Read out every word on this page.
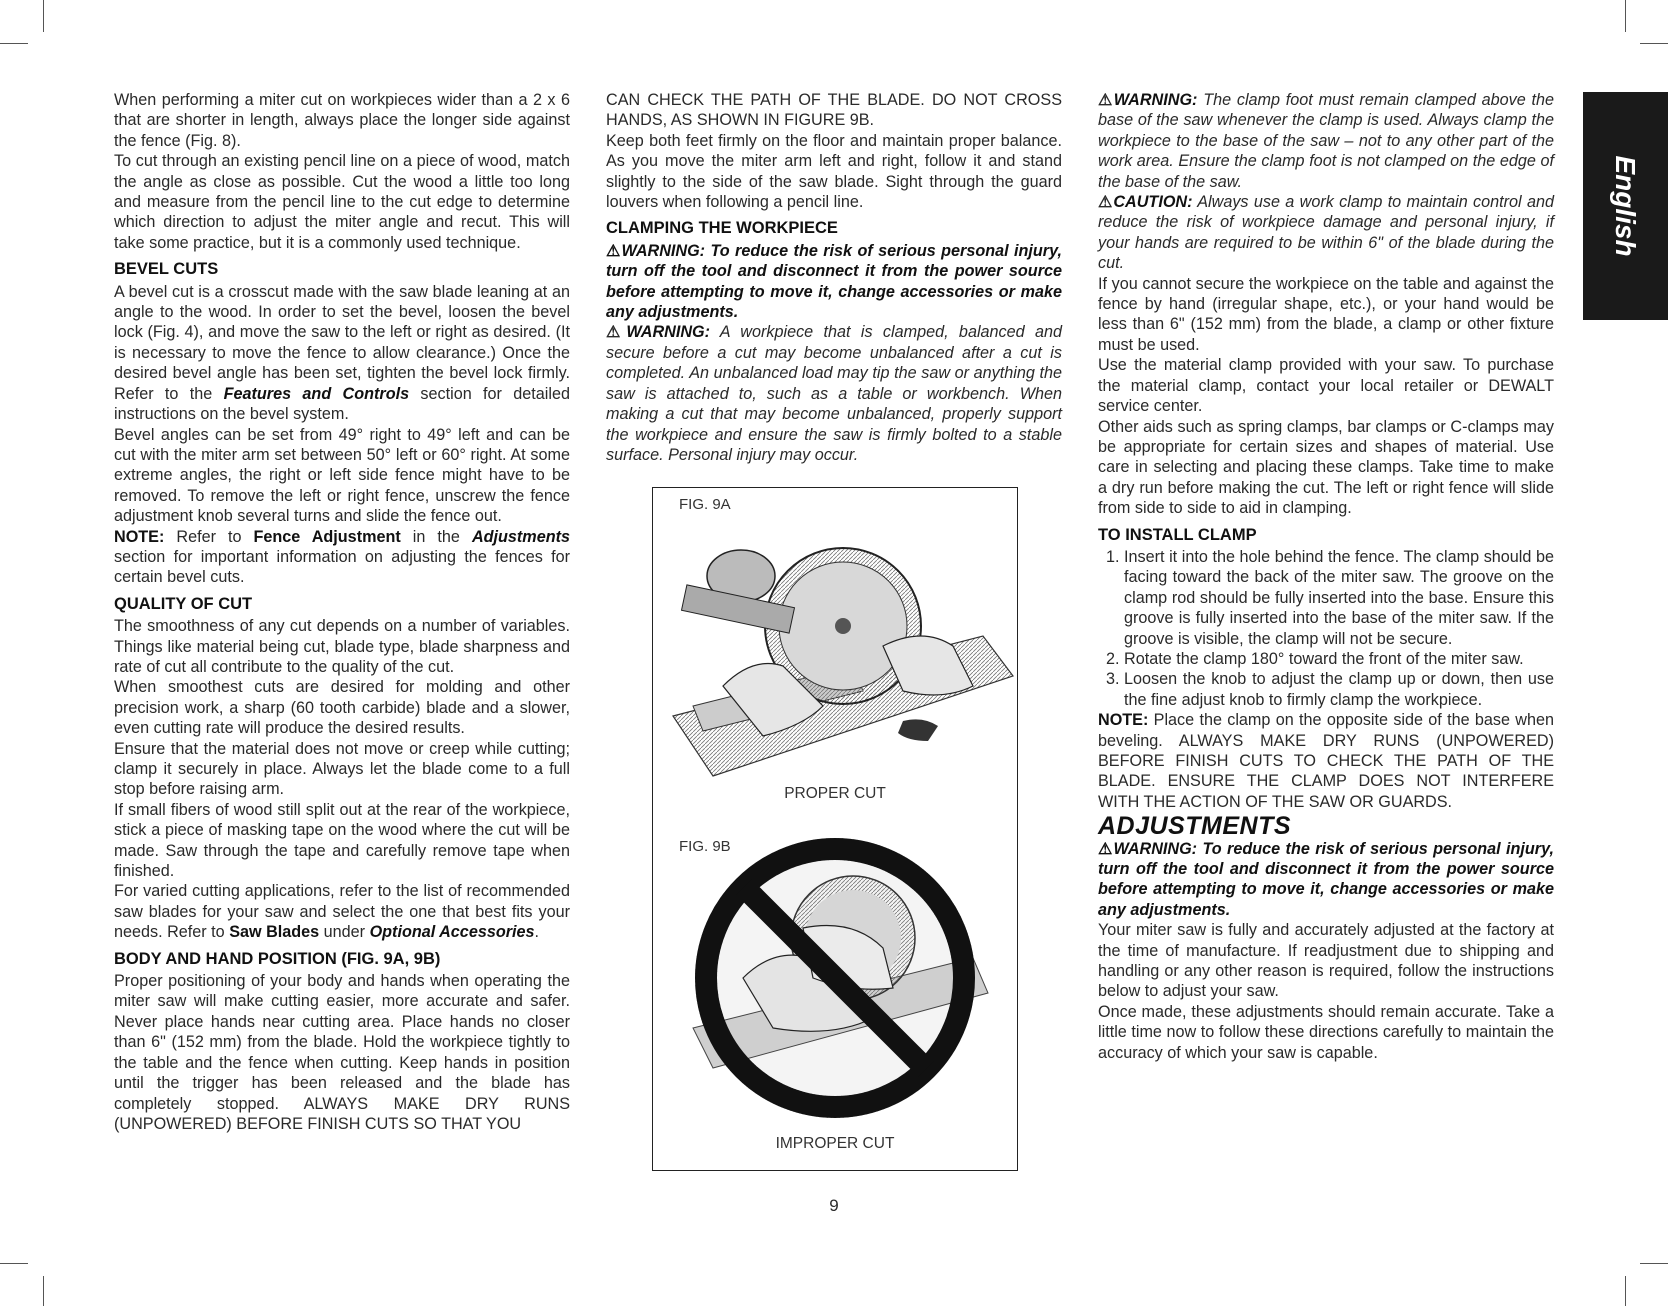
When performing a miter cut on workpieces wider than a 2 x 6 that are shorter in length, always place the longer side against the fence (Fig. 8).

To cut through an existing pencil line on a piece of wood, match the angle as close as possible. Cut the wood a little too long and measure from the pencil line to the cut edge to determine which direction to adjust the miter angle and recut. This will take some practice, but it is a commonly used technique.

BEVEL CUTS

A bevel cut is a crosscut made with the saw blade leaning at an angle to the wood. In order to set the bevel, loosen the bevel lock (Fig. 4), and move the saw to the left or right as desired. (It is necessary to move the fence to allow clearance.) Once the desired bevel angle has been set, tighten the bevel lock firmly. Refer to the Features and Controls section for detailed instructions on the bevel system.

Bevel angles can be set from 49° right to 49° left and can be cut with the miter arm set between 50° left or 60° right. At some extreme angles, the right or left side fence might have to be removed. To remove the left or right fence, unscrew the fence adjustment knob several turns and slide the fence out.

NOTE: Refer to Fence Adjustment in the Adjustments section for important information on adjusting the fences for certain bevel cuts.

QUALITY OF CUT

The smoothness of any cut depends on a number of variables. Things like material being cut, blade type, blade sharpness and rate of cut all contribute to the quality of the cut.

When smoothest cuts are desired for molding and other precision work, a sharp (60 tooth carbide) blade and a slower, even cutting rate will produce the desired results.

Ensure that the material does not move or creep while cutting; clamp it securely in place. Always let the blade come to a full stop before raising arm.

If small fibers of wood still split out at the rear of the workpiece, stick a piece of masking tape on the wood where the cut will be made. Saw through the tape and carefully remove tape when finished.

For varied cutting applications, refer to the list of recommended saw blades for your saw and select the one that best fits your needs. Refer to Saw Blades under Optional Accessories.

BODY AND HAND POSITION (FIG. 9A, 9B)

Proper positioning of your body and hands when operating the miter saw will make cutting easier, more accurate and safer. Never place hands near cutting area. Place hands no closer than 6" (152 mm) from the blade. Hold the workpiece tightly to the table and the fence when cutting. Keep hands in position until the trigger has been released and the blade has completely stopped. ALWAYS MAKE DRY RUNS (UNPOWERED) BEFORE FINISH CUTS SO THAT YOU

CAN CHECK THE PATH OF THE BLADE. DO NOT CROSS HANDS, AS SHOWN IN FIGURE 9B.

Keep both feet firmly on the floor and maintain proper balance. As you move the miter arm left and right, follow it and stand slightly to the side of the saw blade. Sight through the guard louvers when following a pencil line.

CLAMPING THE WORKPIECE

⚠WARNING: To reduce the risk of serious personal injury, turn off the tool and disconnect it from the power source before attempting to move it, change accessories or make any adjustments.

⚠WARNING: A workpiece that is clamped, balanced and secure before a cut may become unbalanced after a cut is completed. An unbalanced load may tip the saw or anything the saw is attached to, such as a table or workbench. When making a cut that may become unbalanced, properly support the workpiece and ensure the saw is firmly bolted to a stable surface. Personal injury may occur.

FIG. 9A
PROPER CUT
FIG. 9B
IMPROPER CUT

⚠WARNING: The clamp foot must remain clamped above the base of the saw whenever the clamp is used. Always clamp the workpiece to the base of the saw – not to any other part of the work area. Ensure the clamp foot is not clamped on the edge of the base of the saw.

⚠CAUTION: Always use a work clamp to maintain control and reduce the risk of workpiece damage and personal injury, if your hands are required to be within 6" of the blade during the cut.

If you cannot secure the workpiece on the table and against the fence by hand (irregular shape, etc.), or your hand would be less than 6" (152 mm) from the blade, a clamp or other fixture must be used.

Use the material clamp provided with your saw. To purchase the material clamp, contact your local retailer or DEWALT service center.

Other aids such as spring clamps, bar clamps or C-clamps may be appropriate for certain sizes and shapes of material. Use care in selecting and placing these clamps. Take time to make a dry run before making the cut. The left or right fence will slide from side to side to aid in clamping.

TO INSTALL CLAMP
1. Insert it into the hole behind the fence. The clamp should be facing toward the back of the miter saw. The groove on the clamp rod should be fully inserted into the base. Ensure this groove is fully inserted into the base of the miter saw. If the groove is visible, the clamp will not be secure.
2. Rotate the clamp 180° toward the front of the miter saw.
3. Loosen the knob to adjust the clamp up or down, then use the fine adjust knob to firmly clamp the workpiece.

NOTE: Place the clamp on the opposite side of the base when beveling. ALWAYS MAKE DRY RUNS (UNPOWERED) BEFORE FINISH CUTS TO CHECK THE PATH OF THE BLADE. ENSURE THE CLAMP DOES NOT INTERFERE WITH THE ACTION OF THE SAW OR GUARDS.

ADJUSTMENTS

⚠WARNING: To reduce the risk of serious personal injury, turn off the tool and disconnect it from the power source before attempting to move it, change accessories or make any adjustments.

Your miter saw is fully and accurately adjusted at the factory at the time of manufacture. If readjustment due to shipping and handling or any other reason is required, follow the instructions below to adjust your saw.

Once made, these adjustments should remain accurate. Take a little time now to follow these directions carefully to maintain the accuracy of which your saw is capable.

English
9
